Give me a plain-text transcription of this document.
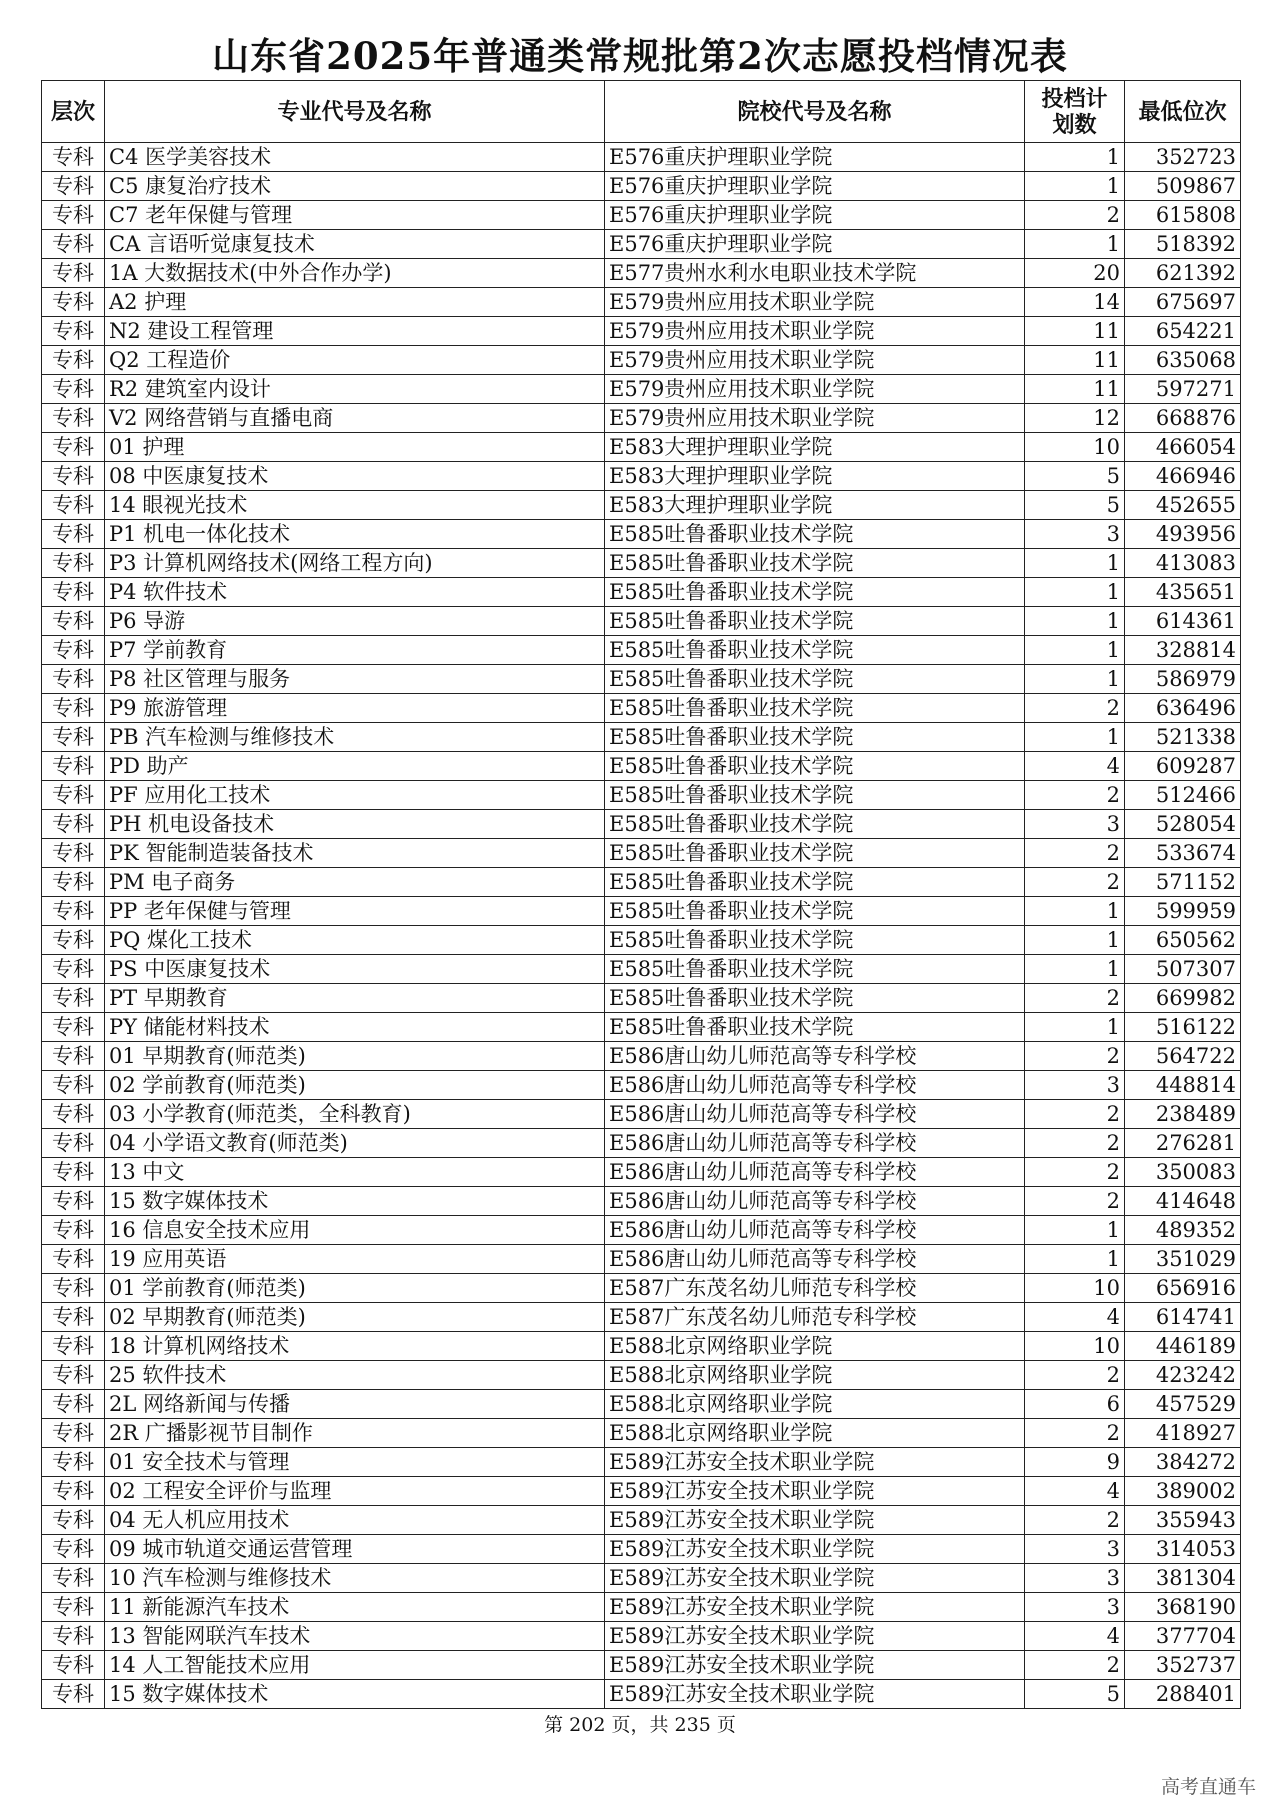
山东省2025年普通类常规批第2次志愿投档情况表
层次	专业代号及名称	院校代号及名称	投档计划数	最低位次
专科	C4 医学美容技术	E576重庆护理职业学院	1	352723
专科	C5 康复治疗技术	E576重庆护理职业学院	1	509867
专科	C7 老年保健与管理	E576重庆护理职业学院	2	615808
专科	CA 言语听觉康复技术	E576重庆护理职业学院	1	518392
专科	1A 大数据技术(中外合作办学)	E577贵州水利水电职业技术学院	20	621392
专科	A2 护理	E579贵州应用技术职业学院	14	675697
专科	N2 建设工程管理	E579贵州应用技术职业学院	11	654221
专科	Q2 工程造价	E579贵州应用技术职业学院	11	635068
专科	R2 建筑室内设计	E579贵州应用技术职业学院	11	597271
专科	V2 网络营销与直播电商	E579贵州应用技术职业学院	12	668876
专科	01 护理	E583大理护理职业学院	10	466054
专科	08 中医康复技术	E583大理护理职业学院	5	466946
专科	14 眼视光技术	E583大理护理职业学院	5	452655
专科	P1 机电一体化技术	E585吐鲁番职业技术学院	3	493956
专科	P3 计算机网络技术(网络工程方向)	E585吐鲁番职业技术学院	1	413083
专科	P4 软件技术	E585吐鲁番职业技术学院	1	435651
专科	P6 导游	E585吐鲁番职业技术学院	1	614361
专科	P7 学前教育	E585吐鲁番职业技术学院	1	328814
专科	P8 社区管理与服务	E585吐鲁番职业技术学院	1	586979
专科	P9 旅游管理	E585吐鲁番职业技术学院	2	636496
专科	PB 汽车检测与维修技术	E585吐鲁番职业技术学院	1	521338
专科	PD 助产	E585吐鲁番职业技术学院	4	609287
专科	PF 应用化工技术	E585吐鲁番职业技术学院	2	512466
专科	PH 机电设备技术	E585吐鲁番职业技术学院	3	528054
专科	PK 智能制造装备技术	E585吐鲁番职业技术学院	2	533674
专科	PM 电子商务	E585吐鲁番职业技术学院	2	571152
专科	PP 老年保健与管理	E585吐鲁番职业技术学院	1	599959
专科	PQ 煤化工技术	E585吐鲁番职业技术学院	1	650562
专科	PS 中医康复技术	E585吐鲁番职业技术学院	1	507307
专科	PT 早期教育	E585吐鲁番职业技术学院	2	669982
专科	PY 储能材料技术	E585吐鲁番职业技术学院	1	516122
专科	01 早期教育(师范类)	E586唐山幼儿师范高等专科学校	2	564722
专科	02 学前教育(师范类)	E586唐山幼儿师范高等专科学校	3	448814
专科	03 小学教育(师范类，全科教育)	E586唐山幼儿师范高等专科学校	2	238489
专科	04 小学语文教育(师范类)	E586唐山幼儿师范高等专科学校	2	276281
专科	13 中文	E586唐山幼儿师范高等专科学校	2	350083
专科	15 数字媒体技术	E586唐山幼儿师范高等专科学校	2	414648
专科	16 信息安全技术应用	E586唐山幼儿师范高等专科学校	1	489352
专科	19 应用英语	E586唐山幼儿师范高等专科学校	1	351029
专科	01 学前教育(师范类)	E587广东茂名幼儿师范专科学校	10	656916
专科	02 早期教育(师范类)	E587广东茂名幼儿师范专科学校	4	614741
专科	18 计算机网络技术	E588北京网络职业学院	10	446189
专科	25 软件技术	E588北京网络职业学院	2	423242
专科	2L 网络新闻与传播	E588北京网络职业学院	6	457529
专科	2R 广播影视节目制作	E588北京网络职业学院	2	418927
专科	01 安全技术与管理	E589江苏安全技术职业学院	9	384272
专科	02 工程安全评价与监理	E589江苏安全技术职业学院	4	389002
专科	04 无人机应用技术	E589江苏安全技术职业学院	2	355943
专科	09 城市轨道交通运营管理	E589江苏安全技术职业学院	3	314053
专科	10 汽车检测与维修技术	E589江苏安全技术职业学院	3	381304
专科	11 新能源汽车技术	E589江苏安全技术职业学院	3	368190
专科	13 智能网联汽车技术	E589江苏安全技术职业学院	4	377704
专科	14 人工智能技术应用	E589江苏安全技术职业学院	2	352737
专科	15 数字媒体技术	E589江苏安全技术职业学院	5	288401
第 202 页，共 235 页
高考直通车
